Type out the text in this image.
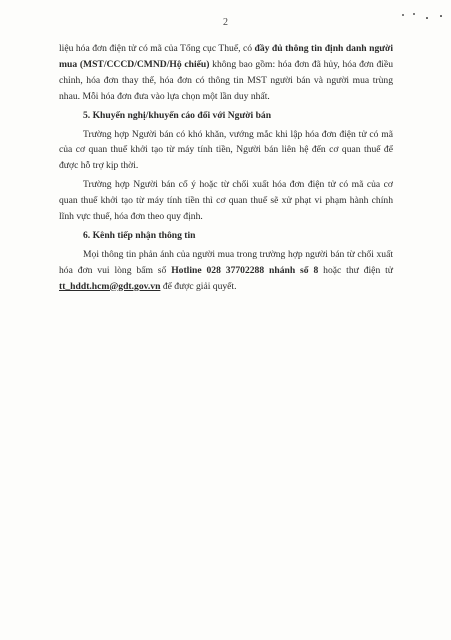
2

liệu hóa đơn điện tử có mã của Tổng cục Thuế, có đầy đủ thông tin định danh người mua (MST/CCCD/CMND/Hộ chiếu) không bao gồm: hóa đơn đã hủy, hóa đơn điều chỉnh, hóa đơn thay thế, hóa đơn có thông tin MST người bán và người mua trùng nhau. Mỗi hóa đơn đưa vào lựa chọn một lần duy nhất.

5. Khuyến nghị/khuyến cáo đối với Người bán

Trường hợp Người bán có khó khăn, vướng mắc khi lập hóa đơn điện tử có mã của cơ quan thuế khởi tạo từ máy tính tiền, Người bán liên hệ đến cơ quan thuế để được hỗ trợ kịp thời.

Trường hợp Người bán cố ý hoặc từ chối xuất hóa đơn điện tử có mã của cơ quan thuế khởi tạo từ máy tính tiền thì cơ quan thuế sẽ xử phạt vi phạm hành chính lĩnh vực thuế, hóa đơn theo quy định.

6. Kênh tiếp nhận thông tin

Mọi thông tin phản ánh của người mua trong trường hợp người bán từ chối xuất hóa đơn vui lòng bấm số Hotline 028 37702288 nhánh số 8 hoặc thư điện tử tt_hddt.hcm@gdt.gov.vn để được giải quyết.
